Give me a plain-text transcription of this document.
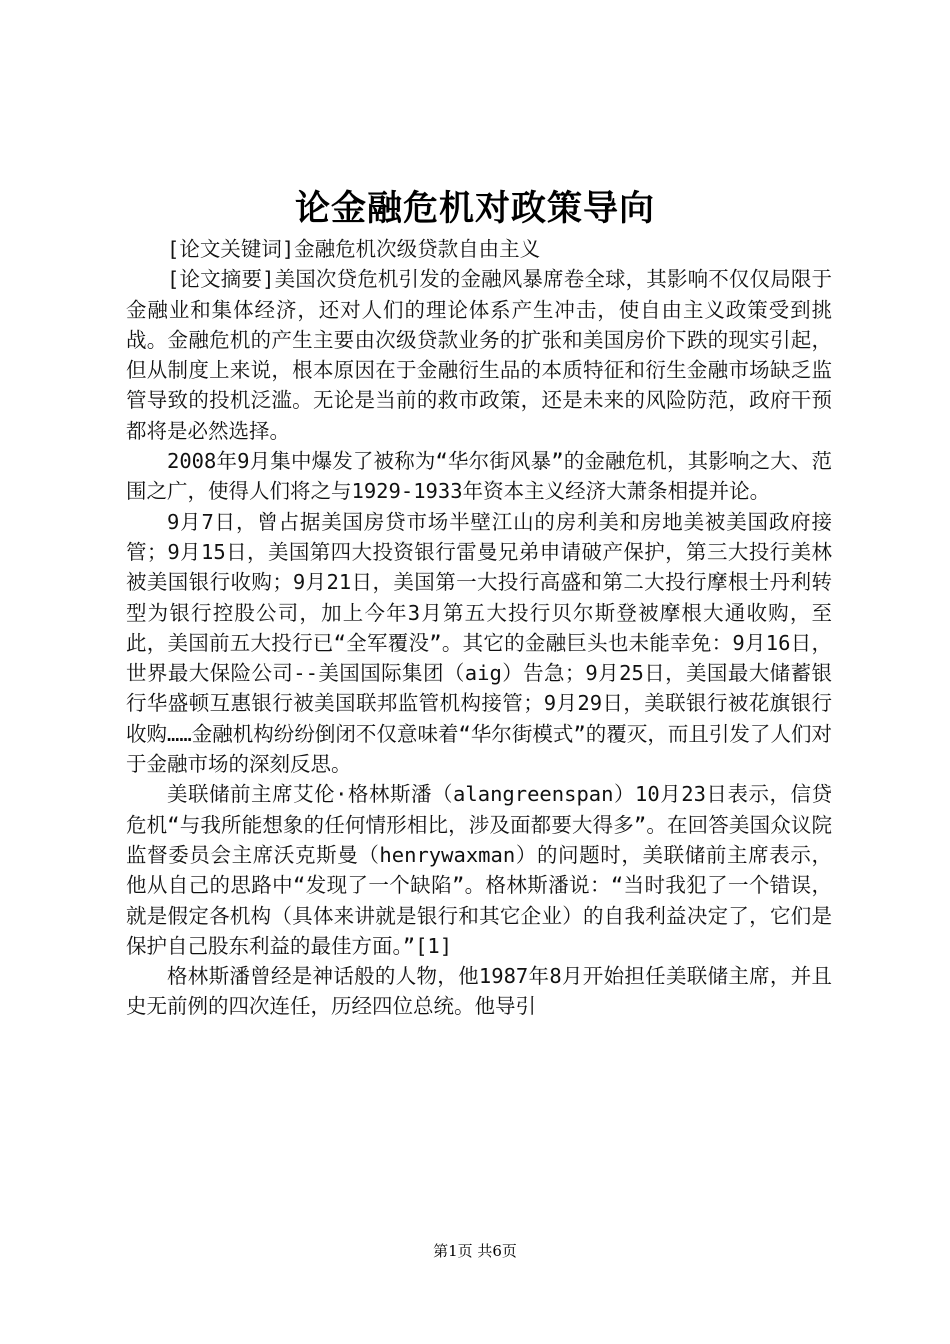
论金融危机对政策导向

[论文关键词]金融危机次级贷款自由主义

[论文摘要]美国次贷危机引发的金融风暴席卷全球，其影响不仅仅局限于金融业和集体经济，还对人们的理论体系产生冲击，使自由主义政策受到挑战。金融危机的产生主要由次级贷款业务的扩张和美国房价下跌的现实引起，但从制度上来说，根本原因在于金融衍生品的本质特征和衍生金融市场缺乏监管导致的投机泛滥。无论是当前的救市政策，还是未来的风险防范，政府干预都将是必然选择。

2008年9月集中爆发了被称为“华尔街风暴”的金融危机，其影响之大、范围之广，使得人们将之与1929-1933年资本主义经济大萧条相提并论。

9月7日，曾占据美国房贷市场半壁江山的房利美和房地美被美国政府接管；9月15日，美国第四大投资银行雷曼兄弟申请破产保护，第三大投行美林被美国银行收购；9月21日，美国第一大投行高盛和第二大投行摩根士丹利转型为银行控股公司，加上今年3月第五大投行贝尔斯登被摩根大通收购，至此，美国前五大投行已“全军覆没”。其它的金融巨头也未能幸免：9月16日，世界最大保险公司--美国国际集团（aig）告急；9月25日，美国最大储蓄银行华盛顿互惠银行被美国联邦监管机构接管；9月29日，美联银行被花旗银行收购……金融机构纷纷倒闭不仅意味着“华尔街模式”的覆灭，而且引发了人们对于金融市场的深刻反思。

美联储前主席艾伦·格林斯潘（alangreenspan）10月23日表示，信贷危机“与我所能想象的任何情形相比，涉及面都要大得多”。在回答美国众议院监督委员会主席沃克斯曼（henrywaxman）的问题时，美联储前主席表示，他从自己的思路中“发现了一个缺陷”。格林斯潘说：“当时我犯了一个错误，就是假定各机构（具体来讲就是银行和其它企业）的自我利益决定了，它们是保护自己股东利益的最佳方面。”[1]

格林斯潘曾经是神话般的人物，他1987年8月开始担任美联储主席，并且史无前例的四次连任，历经四位总统。他导引

第1页 共6页
